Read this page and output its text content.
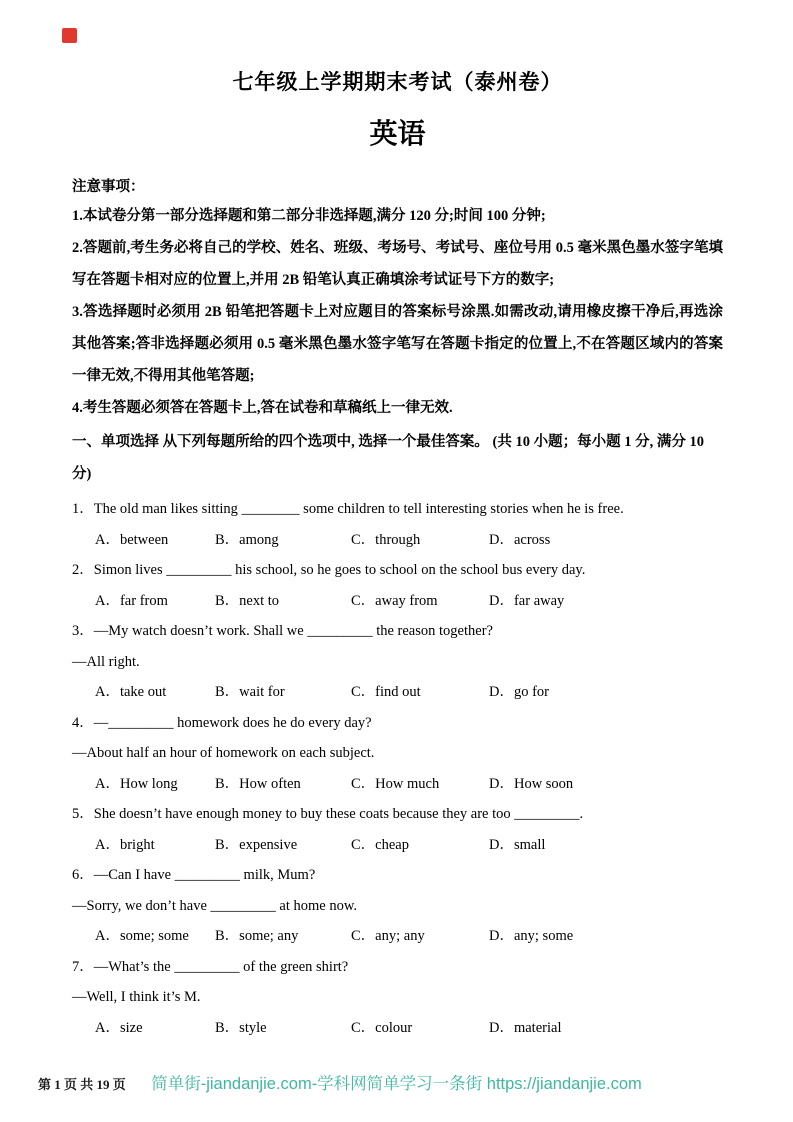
七年级上学期期末考试（泰州卷）
英语

注意事项：

1.本试卷分第一部分选择题和第二部分非选择题,满分 120 分;时间 100 分钟;

2.答题前,考生务必将自己的学校、姓名、班级、考场号、考试号、座位号用 0.5 毫米黑色墨水签字笔填写在答题卡相对应的位置上,并用 2B 铅笔认真正确填涂考试证号下方的数字;

3.答选择题时必须用 2B 铅笔把答题卡上对应题目的答案标号涂黑.如需改动,请用橡皮擦干净后,再选涂其他答案;答非选择题必须用 0.5 毫米黑色墨水签字笔写在答题卡指定的位置上,不在答题区域内的答案一律无效,不得用其他笔答题;

4.考生答题必须答在答题卡上,答在试卷和草稿纸上一律无效.

一、单项选择 从下列每题所给的四个选项中, 选择一个最佳答案。 (共 10 小题；每小题 1 分, 满分 10 分)

1．The old man likes sitting ________ some children to tell interesting stories when he is free.

A．between	B．among	C．through	D．across

2．Simon lives _________ his school, so he goes to school on the school bus every day.

A．far from	B．next to	C．away from	D．far away

3．—My watch doesn’t work. Shall we _________ the reason together?

—All right.

A．take out	B．wait for	C．find out	D．go for

4．—_________ homework does he do every day?

—About half an hour of homework on each subject.

A．How long	B．How often	C．How much	D．How soon

5．She doesn’t have enough money to buy these coats because they are too _________.

A．bright	B．expensive	C．cheap	D．small

6．—Can I have _________ milk, Mum?

—Sorry, we don’t have _________ at home now.

A．some; some	B．some; any	C．any; any	D．any; some

7．—What’s the _________ of the green shirt?

—Well, I think it’s M.

A．size	B．style	C．colour	D．material
第 1 页 共 19 页	简单街-jiandanjie.com-学科网简单学习一条街 https://jiandanjie.com
